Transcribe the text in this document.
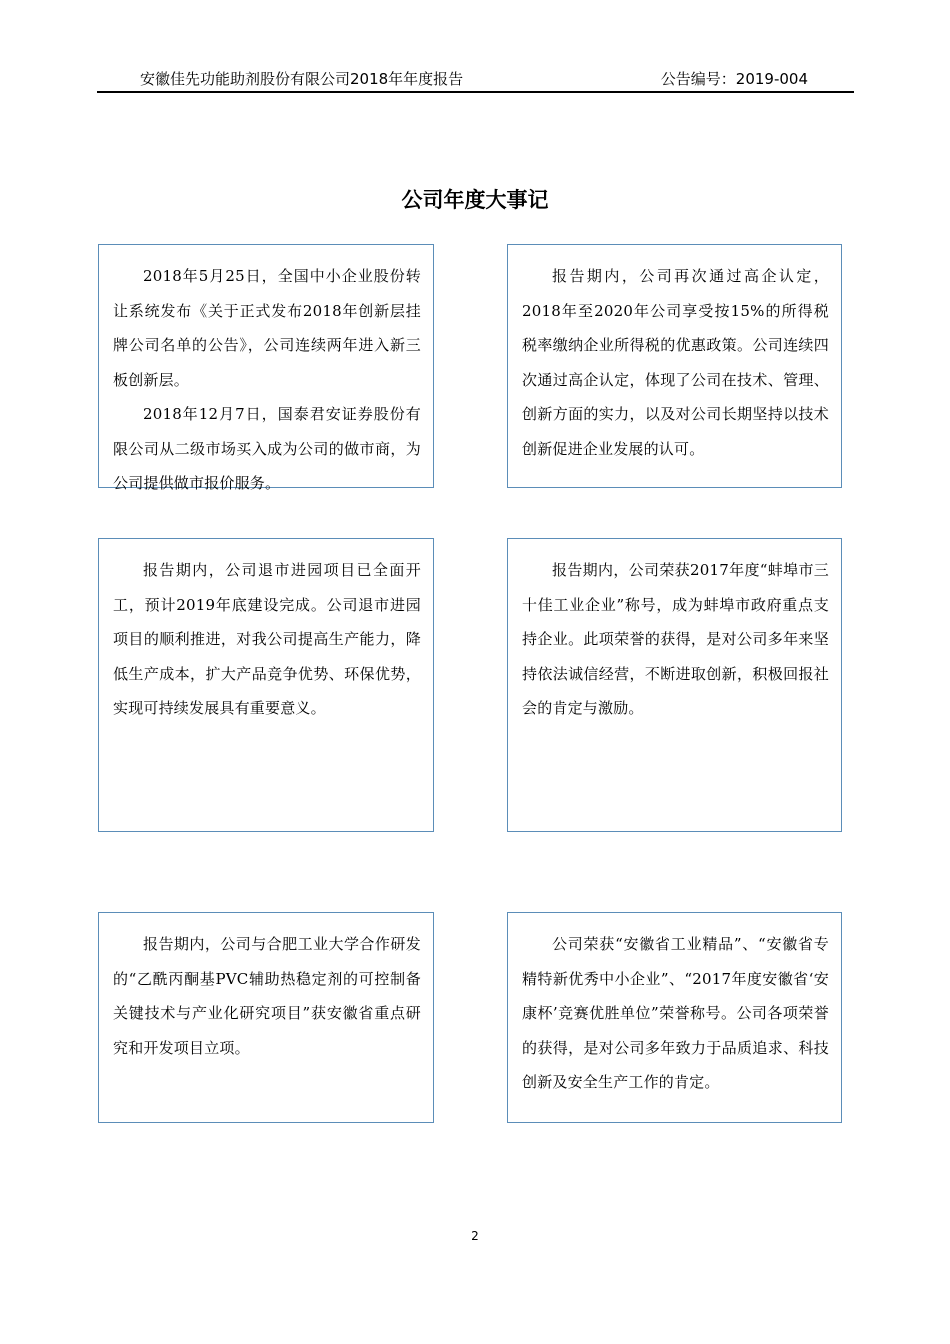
安徽佳先功能助剂股份有限公司2018年年度报告	公告编号：2019-004
公司年度大事记

2018年5月25日，全国中小企业股份转让系统发布《关于正式发布2018年创新层挂牌公司名单的公告》，公司连续两年进入新三板创新层。

2018年12月7日，国泰君安证券股份有限公司从二级市场买入成为公司的做市商，为公司提供做市报价服务。

报告期内，公司再次通过高企认定，2018年至2020年公司享受按15%的所得税税率缴纳企业所得税的优惠政策。公司连续四次通过高企认定，体现了公司在技术、管理、创新方面的实力，以及对公司长期坚持以技术创新促进企业发展的认可。

报告期内，公司退市进园项目已全面开工，预计2019年底建设完成。公司退市进园项目的顺利推进，对我公司提高生产能力，降低生产成本，扩大产品竞争优势、环保优势，实现可持续发展具有重要意义。

报告期内，公司荣获2017年度“蚌埠市三十佳工业企业”称号，成为蚌埠市政府重点支持企业。此项荣誉的获得，是对公司多年来坚持依法诚信经营，不断进取创新，积极回报社会的肯定与激励。

报告期内，公司与合肥工业大学合作研发的“乙酰丙酮基PVC辅助热稳定剂的可控制备关键技术与产业化研究项目”获安徽省重点研究和开发项目立项。

公司荣获“安徽省工业精品”、“安徽省专精特新优秀中小企业”、“2017年度安徽省‘安康杯’竞赛优胜单位”荣誉称号。公司各项荣誉的获得，是对公司多年致力于品质追求、科技创新及安全生产工作的肯定。

2
